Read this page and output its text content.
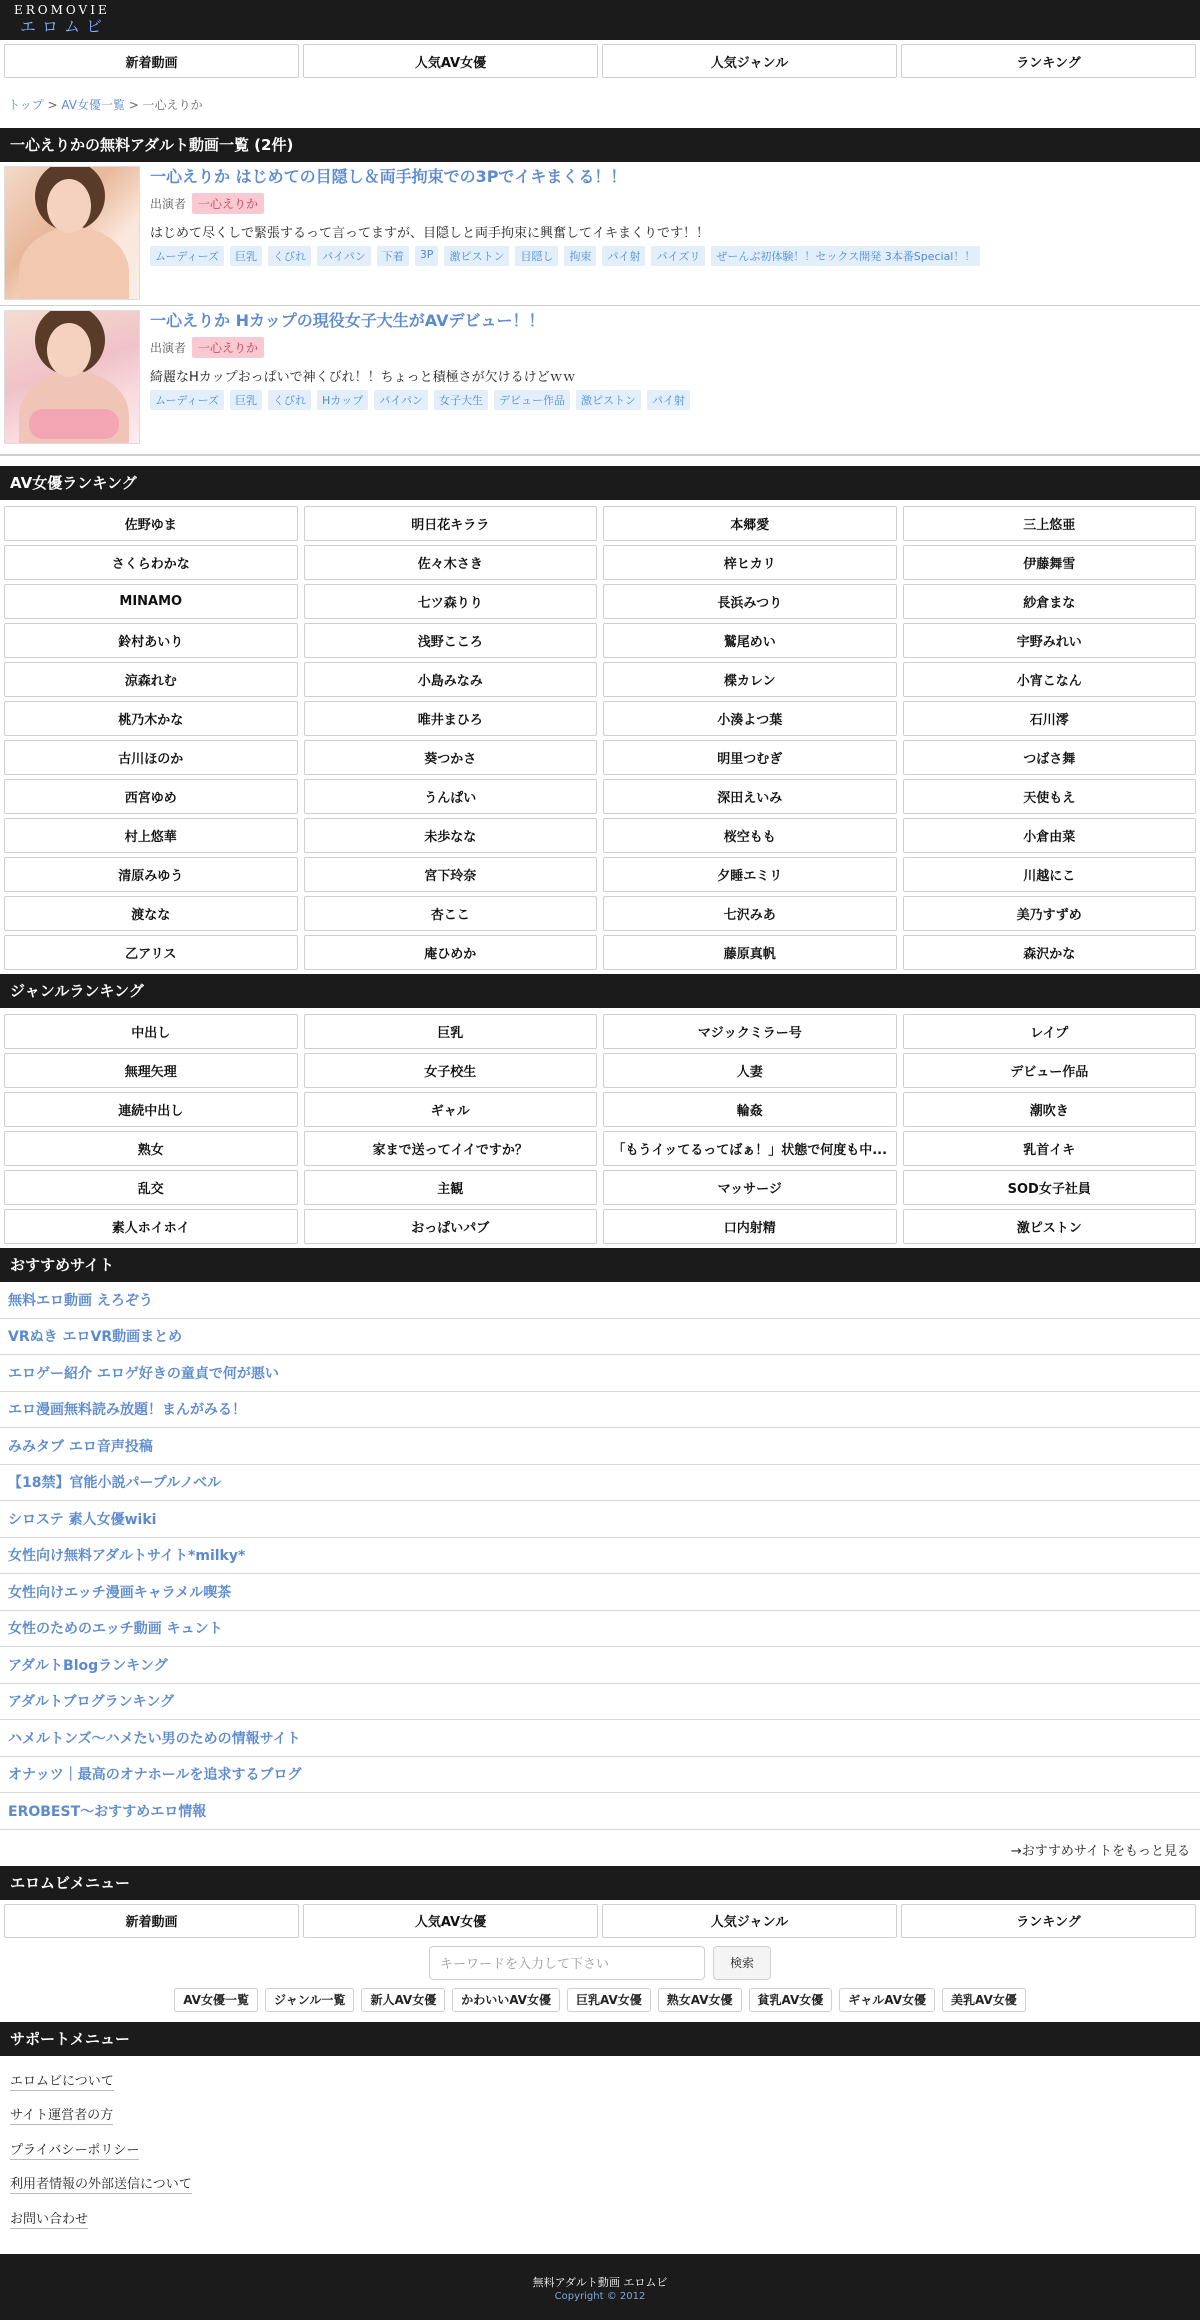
EROMOVIE
エロムビ
新着動画	人気AV女優	人気ジャンル	ランキング
トップ > AV女優一覧 > 一心えりか
一心えりかの無料アダルト動画一覧 (2件)
一心えりか はじめての目隠し＆両手拘束での3Pでイキまくる！！
出演者	一心えりか
はじめて尽くしで緊張するって言ってますが、目隠しと両手拘束に興奮してイキまくりです！！
ムーディーズ	巨乳	くびれ	パイパン	下着	3P	激ピストン	目隠し	拘束	パイ射	パイズリ	ぜーんぶ初体験！！セックス開発 3本番Special！！
一心えりか Hカップの現役女子大生がAVデビュー！！
出演者	一心えりか
綺麗なHカップおっぱいで神くびれ！！ちょっと積極さが欠けるけどｗｗ
ムーディーズ	巨乳	くびれ	Hカップ	パイパン	女子大生	デビュー作品	激ピストン	パイ射
AV女優ランキング
佐野ゆま	明日花キララ	本郷愛	三上悠亜
さくらわかな	佐々木さき	梓ヒカリ	伊藤舞雪
MINAMO	七ツ森りり	長浜みつり	紗倉まな
鈴村あいり	浅野こころ	鷲尾めい	宇野みれい
涼森れむ	小島みなみ	楪カレン	小宵こなん
桃乃木かな	唯井まひろ	小湊よつ葉	石川澪
古川ほのか	葵つかさ	明里つむぎ	つばさ舞
西宮ゆめ	うんぱい	深田えいみ	天使もえ
村上悠華	未歩なな	桜空もも	小倉由菜
清原みゆう	宮下玲奈	夕睡エミリ	川越にこ
渡なな	杏ここ	七沢みあ	美乃すずめ
乙アリス	庵ひめか	藤原真帆	森沢かな
ジャンルランキング
中出し	巨乳	マジックミラー号	レイプ
無理矢理	女子校生	人妻	デビュー作品
連続中出し	ギャル	輪姦	潮吹き
熟女	家まで送ってイイですか？	「もうイッてるってばぁ！」状態で何度も中...	乳首イキ
乱交	主観	マッサージ	SOD女子社員
素人ホイホイ	おっぱいパブ	口内射精	激ピストン
おすすめサイト
無料エロ動画 えろぞう
VRぬき エロVR動画まとめ
エロゲー紹介 エロゲ好きの童貞で何が悪い
エロ漫画無料読み放題！まんがみる！
みみタブ エロ音声投稿
【18禁】官能小説パープルノベル
シロステ 素人女優wiki
女性向け無料アダルトサイト*milky*
女性向けエッチ漫画キャラメル喫茶
女性のためのエッチ動画 キュント
アダルトBlogランキング
アダルトブログランキング
ハメルトンズ〜ハメたい男のための情報サイト
オナッツ｜最高のオナホールを追求するブログ
EROBEST〜おすすめエロ情報
→おすすめサイトをもっと見る
エロムビメニュー
新着動画	人気AV女優	人気ジャンル	ランキング
キーワードを入力して下さい	検索
AV女優一覧	ジャンル一覧	新人AV女優	かわいいAV女優	巨乳AV女優	熟女AV女優	貧乳AV女優	ギャルAV女優	美乳AV女優
サポートメニュー
エロムビについて
サイト運営者の方
プライバシーポリシー
利用者情報の外部送信について
お問い合わせ
無料アダルト動画 エロムビ
Copyright © 2012
